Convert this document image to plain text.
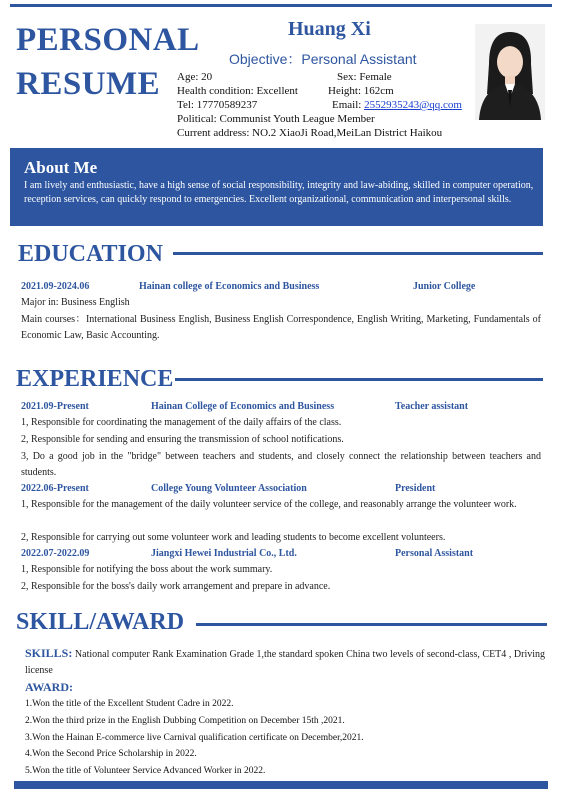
PERSONAL
RESUME
Huang Xi
Objective：Personal Assistant
Age: 20	Sex: Female
Health condition: Excellent	Height: 162cm
Tel: 17770589237	Email: 2552935243@qq.com
Political: Communist Youth League Member
Current address: NO.2 XiaoJi Road,MeiLan District Haikou
About Me

I am lively and enthusiastic, have a high sense of social responsibility, integrity and law-abiding, skilled in computer operation, reception services, can quickly respond to emergencies. Excellent organizational, communication and interpersonal skills.

EDUCATION
2021.09-2024.06	Hainan college of Economics and Business	Junior College
Major in: Business English
Main courses：International Business English, Business English Correspondence, English Writing, Marketing, Fundamentals of Economic Law, Basic Accounting.
EXPERIENCE
2021.09-Present	Hainan College of Economics and Business	Teacher assistant
1, Responsible for coordinating the management of the daily affairs of the class.
2, Responsible for sending and ensuring the transmission of school notifications.
3, Do a good job in the "bridge" between teachers and students, and closely connect the relationship between teachers and students.
2022.06-Present	College Young Volunteer Association	President
1, Responsible for the management of the daily volunteer service of the college, and reasonably arrange the volunteer work.
2, Responsible for carrying out some volunteer work and leading students to become excellent volunteers.
2022.07-2022.09	Jiangxi Hewei Industrial Co., Ltd.	Personal Assistant
1, Responsible for notifying the boss about the work summary.
2, Responsible for the boss's daily work arrangement and prepare in advance.
SKILL/AWARD
SKILLS: National computer Rank Examination Grade 1,the standard spoken China two levels of second-class, CET4 , Driving license
AWARD:
1.Won the title of the Excellent Student Cadre in 2022.
2.Won the third prize in the English Dubbing Competition on December 15th ,2021.
3.Won the Hainan E-commerce live Carnival qualification certificate on December,2021.
4.Won the Second Price Scholarship in 2022.
5.Won the title of Volunteer Service Advanced Worker in 2022.
